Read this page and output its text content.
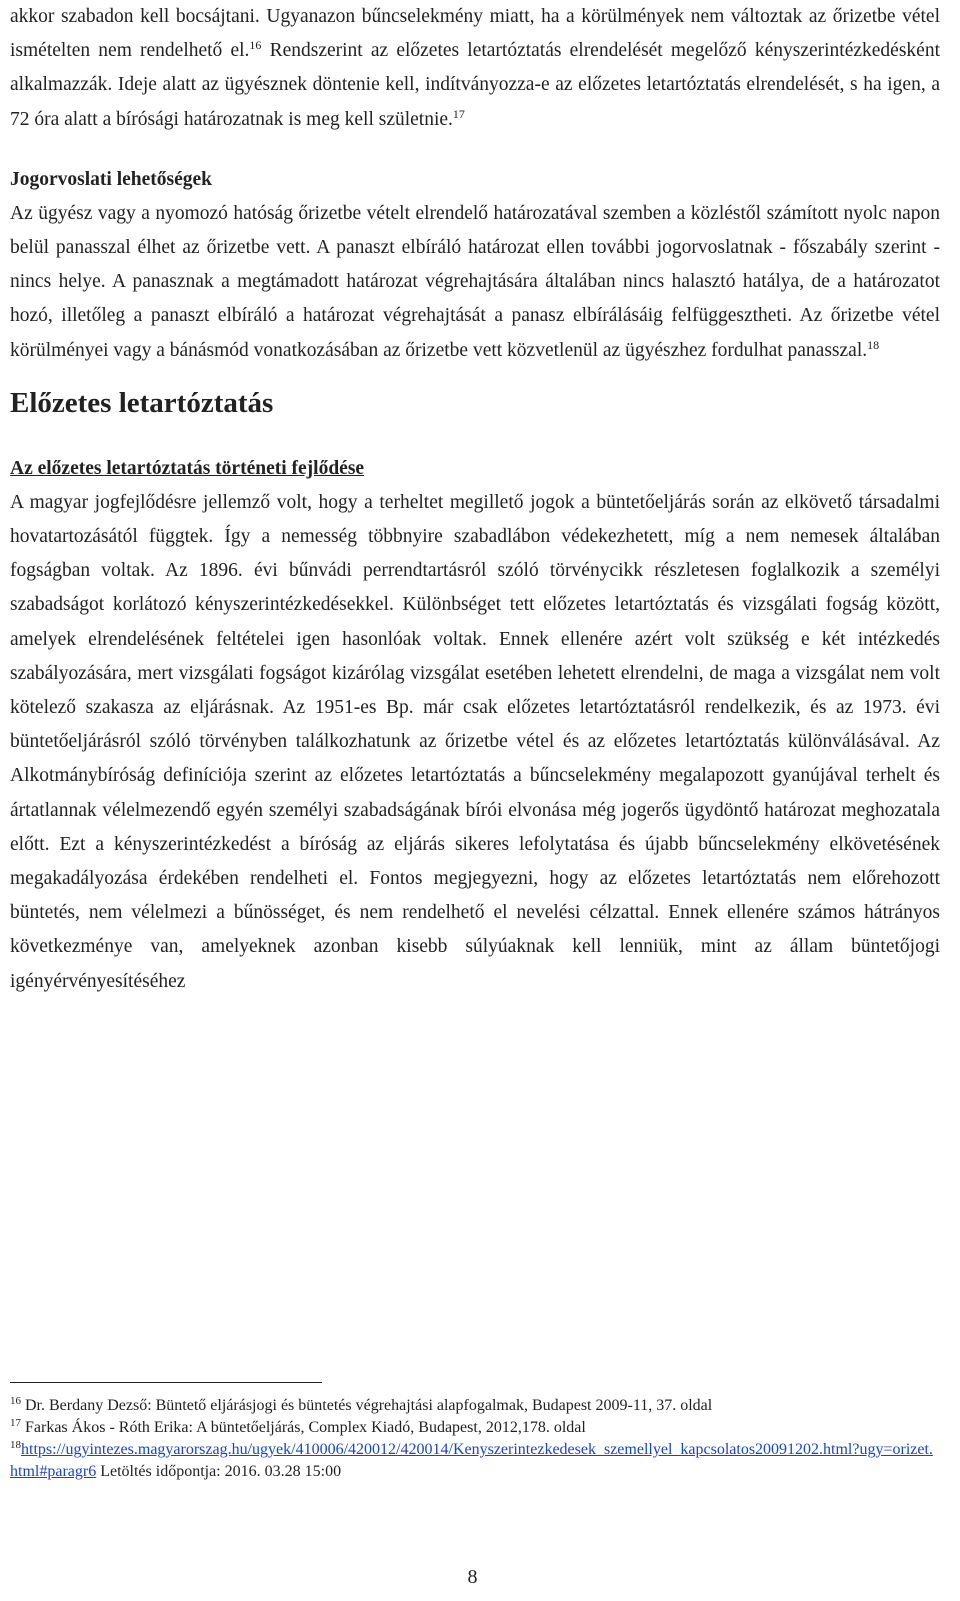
akkor szabadon kell bocsájtani. Ugyanazon bűncselekmény miatt, ha a körülmények nem változtak az őrizetbe vétel ismételten nem rendelhető el.$^{16}$ Rendszerint az előzetes letartóztatás elrendelését megelőző kényszerintézkedésként alkalmazzák. Ideje alatt az ügyésznek döntenie kell, indítványozza-e az előzetes letartóztatás elrendelését, s ha igen, a 72 óra alatt a bírósági határozatnak is meg kell születnie.$^{17}$

Jogorvoslati lehetőségek

Az ügyész vagy a nyomozó hatóság őrizetbe vételt elrendelő határozatával szemben a közléstől számított nyolc napon belül panasszal élhet az őrizetbe vett. A panaszt elbíráló határozat ellen további jogorvoslatnak - főszabály szerint - nincs helye. A panasznak a megtámadott határozat végrehajtására általában nincs halasztó hatálya, de a határozatot hozó, illetőleg a panaszt elbíráló a határozat végrehajtását a panasz elbírálásáig felfüggesztheti. Az őrizetbe vétel körülményei vagy a bánásmód vonatkozásában az őrizetbe vett közvetlenül az ügyészhez fordulhat panasszal.$^{18}$

Előzetes letartóztatás
Az előzetes letartóztatás történeti fejlődése

A magyar jogfejlődésre jellemző volt, hogy a terheltet megillető jogok a büntetőeljárás során az elkövető társadalmi hovatartozásától függtek. Így a nemesség többnyire szabadlábon védekezhetett, míg a nem nemesek általában fogságban voltak. Az 1896. évi bűnvádi perrendtartásról szóló törvénycikk részletesen foglalkozik a személyi szabadságot korlátozó kényszerintézkedésekkel. Különbséget tett előzetes letartóztatás és vizsgálati fogság között, amelyek elrendelésének feltételei igen hasonlóak voltak. Ennek ellenére azért volt szükség e két intézkedés szabályozására, mert vizsgálati fogságot kizárólag vizsgálat esetében lehetett elrendelni, de maga a vizsgálat nem volt kötelező szakasza az eljárásnak. Az 1951-es Bp. már csak előzetes letartóztatásról rendelkezik, és az 1973. évi büntetőeljárásról szóló törvényben találkozhatunk az őrizetbe vétel és az előzetes letartóztatás különválásával. Az Alkotmánybíróság definíciója szerint az előzetes letartóztatás a bűncselekmény megalapozott gyanújával terhelt és ártatlannak vélelmezendő egyén személyi szabadságának bírói elvonása még jogerős ügydöntő határozat meghozatala előtt. Ezt a kényszerintézkedést a bíróság az eljárás sikeres lefolytatása és újabb bűncselekmény elkövetésének megakadályozása érdekében rendelheti el. Fontos megjegyezni, hogy az előzetes letartóztatás nem előrehozott büntetés, nem vélelmezi a bűnösséget, és nem rendelhető el nevelési célzattal. Ennek ellenére számos hátrányos következménye van, amelyeknek azonban kisebb súlyúaknak kell lenniük, mint az állam büntetőjogi igényérvényesítéséhez

$^{16}$ Dr. Berdany Dezső: Büntető eljárásjogi és büntetés végrehajtási alapfogalmak, Budapest 2009-11, 37. oldal

$^{17}$ Farkas Ákos - Róth Erika: A büntetőeljárás, Complex Kiadó, Budapest, 2012,178. oldal

$^{18}$https://ugyintezes.magyarorszag.hu/ugyek/410006/420012/420014/Kenyszerintezkedesek_szemellyel_kapcsolatos20091202.html?ugy=orizet.html#paragr6 Letöltés időpontja: 2016. 03.28 15:00

8
